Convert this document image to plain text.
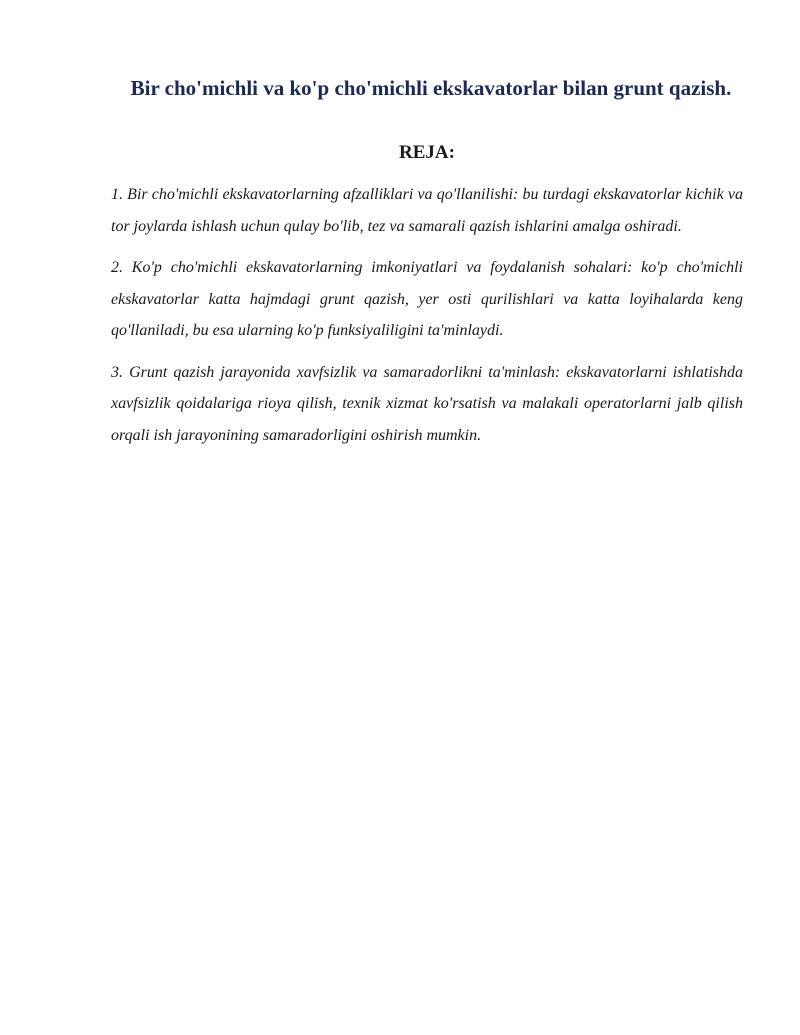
Bir cho'michli va ko'p cho'michli ekskavatorlar bilan grunt qazish.
REJA:
1. Bir cho'michli ekskavatorlarning afzalliklari va qo'llanilishi: bu turdagi ekskavatorlar kichik va tor joylarda ishlash uchun qulay bo'lib, tez va samarali qazish ishlarini amalga oshiradi.
2. Ko'p cho'michli ekskavatorlarning imkoniyatlari va foydalanish sohalari: ko'p cho'michli ekskavatorlar katta hajmdagi grunt qazish, yer osti qurilishlari va katta loyihalarda keng qo'llaniladi, bu esa ularning ko'p funksiyaliligini ta'minlaydi.
3. Grunt qazish jarayonida xavfsizlik va samaradorlikni ta'minlash: ekskavatorlarni ishlatishda xavfsizlik qoidalariga rioya qilish, texnik xizmat ko'rsatish va malakali operatorlarni jalb qilish orqali ish jarayonining samaradorligini oshirish mumkin.
